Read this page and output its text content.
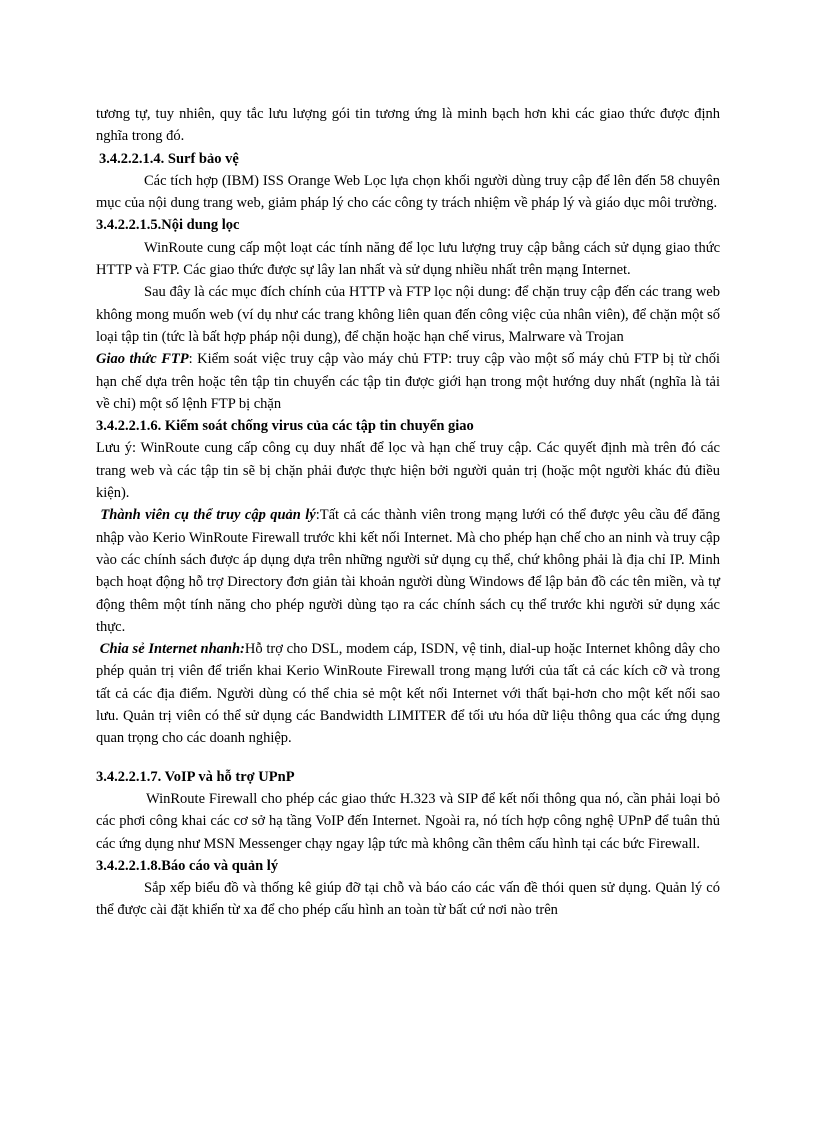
tương tự, tuy nhiên, quy tắc lưu lượng gói tin tương ứng là minh bạch hơn khi các giao thức được định nghĩa trong đó.

3.4.2.2.1.4. Surf bảo vệ

Các tích hợp (IBM) ISS Orange Web Lọc lựa chọn khối người dùng truy cập để lên đến 58 chuyên mục của nội dung trang web, giảm pháp lý cho các công ty trách nhiệm về pháp lý và giáo dục môi trường.

3.4.2.2.1.5.Nội dung lọc

WinRoute cung cấp một loạt các tính năng để lọc lưu lượng truy cập bằng cách sử dụng giao thức HTTP và FTP. Các giao thức được sự lây lan nhất và sử dụng nhiều nhất trên mạng Internet.

Sau đây là các mục đích chính của HTTP và FTP lọc nội dung: để chặn truy cập đến các trang web không mong muốn web (ví dụ như các trang không liên quan đến công việc của nhân viên), để chặn một số loại tập tin (tức là bất hợp pháp nội dung), để chặn hoặc hạn chế virus, Malrware và Trojan

Giao thức FTP: Kiểm soát việc truy cập vào máy chủ FTP: truy cập vào một số máy chủ FTP bị từ chối hạn chế dựa trên hoặc tên tập tin chuyển các tập tin được giới hạn trong một hướng duy nhất (nghĩa là tải về chỉ) một số lệnh FTP bị chặn

3.4.2.2.1.6. Kiểm soát chống virus của các tập tin chuyển giao

Lưu ý: WinRoute cung cấp công cụ duy nhất để lọc và hạn chế truy cập. Các quyết định mà trên đó các trang web và các tập tin sẽ bị chặn phải được thực hiện bởi người quản trị (hoặc một người khác đủ điều kiện).

Thành viên cụ thể truy cập quản lý:Tất cả các thành viên trong mạng lưới có thể được yêu cầu để đăng nhập vào Kerio WinRoute Firewall trước khi kết nối Internet. Mà cho phép hạn chế cho an ninh và truy cập vào các chính sách được áp dụng dựa trên những người sử dụng cụ thể, chứ không phải là địa chỉ IP. Minh bạch hoạt động hỗ trợ Directory đơn giản tài khoản người dùng Windows để lập bản đồ các tên miền, và tự động thêm một tính năng cho phép người dùng tạo ra các chính sách cụ thể trước khi người sử dụng xác thực.

Chia sẻ Internet nhanh:Hỗ trợ cho DSL, modem cáp, ISDN, vệ tinh, dial-up hoặc Internet không dây cho phép quản trị viên để triển khai Kerio WinRoute Firewall trong mạng lưới của tất cả các kích cỡ và trong tất cả các địa điểm. Người dùng có thể chia sẻ một kết nối Internet với thất bại-hơn cho một kết nối sao lưu. Quản trị viên có thể sử dụng các Bandwidth LIMITER để tối ưu hóa dữ liệu thông qua các ứng dụng quan trọng cho các doanh nghiệp.

3.4.2.2.1.7. VoIP và hỗ trợ UPnP

WinRoute Firewall cho phép các giao thức H.323 và SIP để kết nối thông qua nó, cần phải loại bỏ các phơi công khai các cơ sở hạ tầng VoIP đến Internet. Ngoài ra, nó tích hợp công nghệ UPnP để tuân thủ các ứng dụng như MSN Messenger chạy ngay lập tức mà không cần thêm cấu hình tại các bức Firewall.

3.4.2.2.1.8.Báo cáo và quản lý

Sắp xếp biểu đồ và thống kê giúp đỡ tại chỗ và báo cáo các vấn đề thói quen sử dụng. Quản lý có thể được cài đặt khiển từ xa để cho phép cấu hình an toàn từ bất cứ nơi nào trên
